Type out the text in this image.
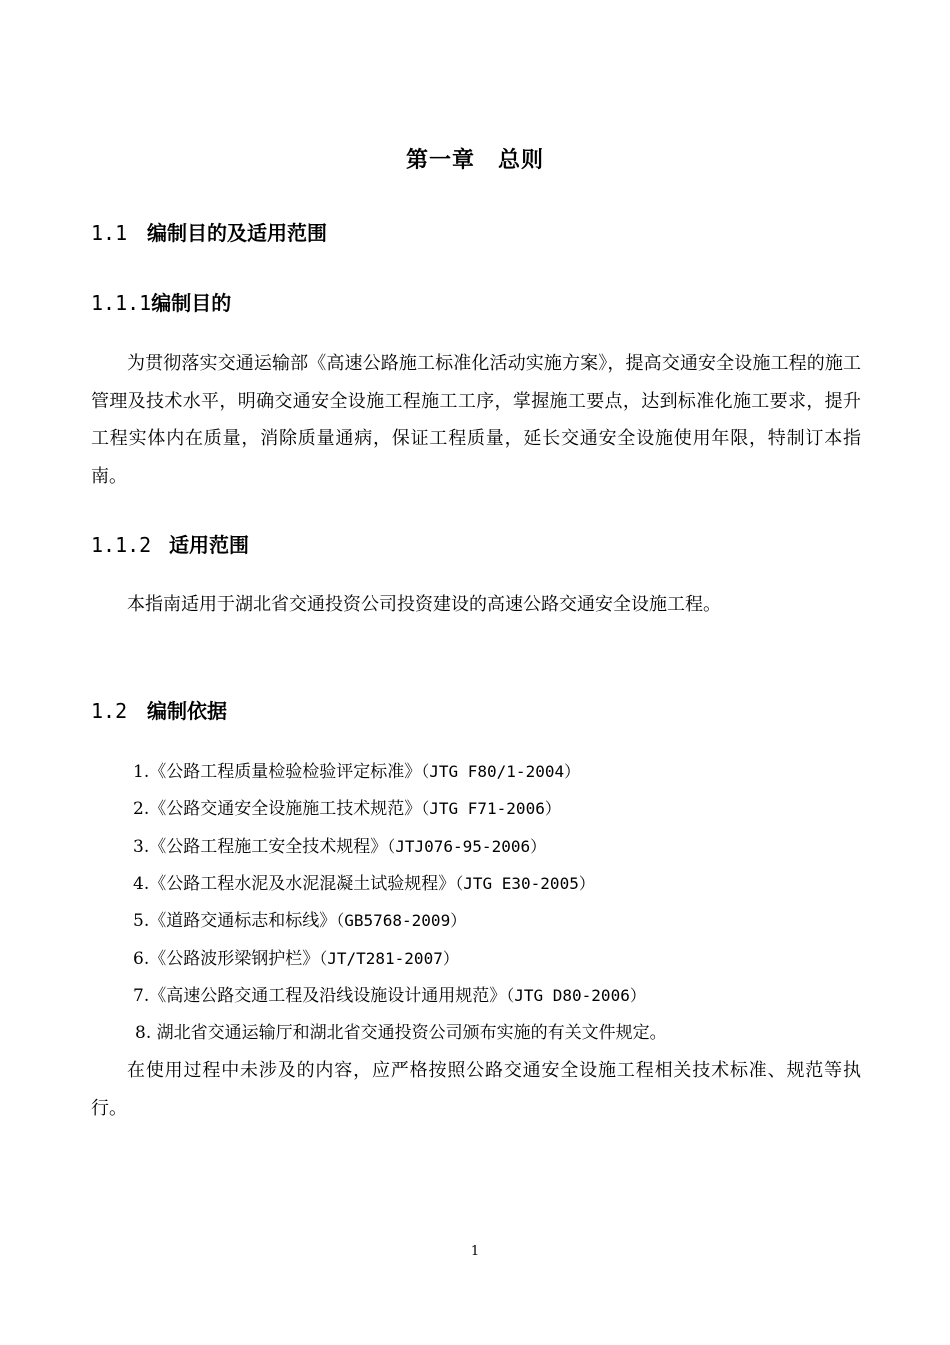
第一章　总则
1.1 编制目的及适用范围
1.1.1编制目的
为贯彻落实交通运输部《高速公路施工标准化活动实施方案》，提高交通安全设施工程的施工管理及技术水平，明确交通安全设施工程施工工序，掌握施工要点，达到标准化施工要求，提升工程实体内在质量，消除质量通病，保证工程质量，延长交通安全设施使用年限，特制订本指南。
1.1.2 适用范围
本指南适用于湖北省交通投资公司投资建设的高速公路交通安全设施工程。
1.2 编制依据
1.《公路工程质量检验检验评定标准》（JTG F80/1-2004）
2.《公路交通安全设施施工技术规范》（JTG F71-2006）
3.《公路工程施工安全技术规程》（JTJ076-95-2006）
4.《公路工程水泥及水泥混凝土试验规程》（JTG E30-2005）
5.《道路交通标志和标线》（GB5768-2009）
6.《公路波形梁钢护栏》（JT/T281-2007）
7.《高速公路交通工程及沿线设施设计通用规范》（JTG D80-2006）
8. 湖北省交通运输厅和湖北省交通投资公司颁布实施的有关文件规定。
在使用过程中未涉及的内容，应严格按照公路交通安全设施工程相关技术标准、规范等执行。
1
